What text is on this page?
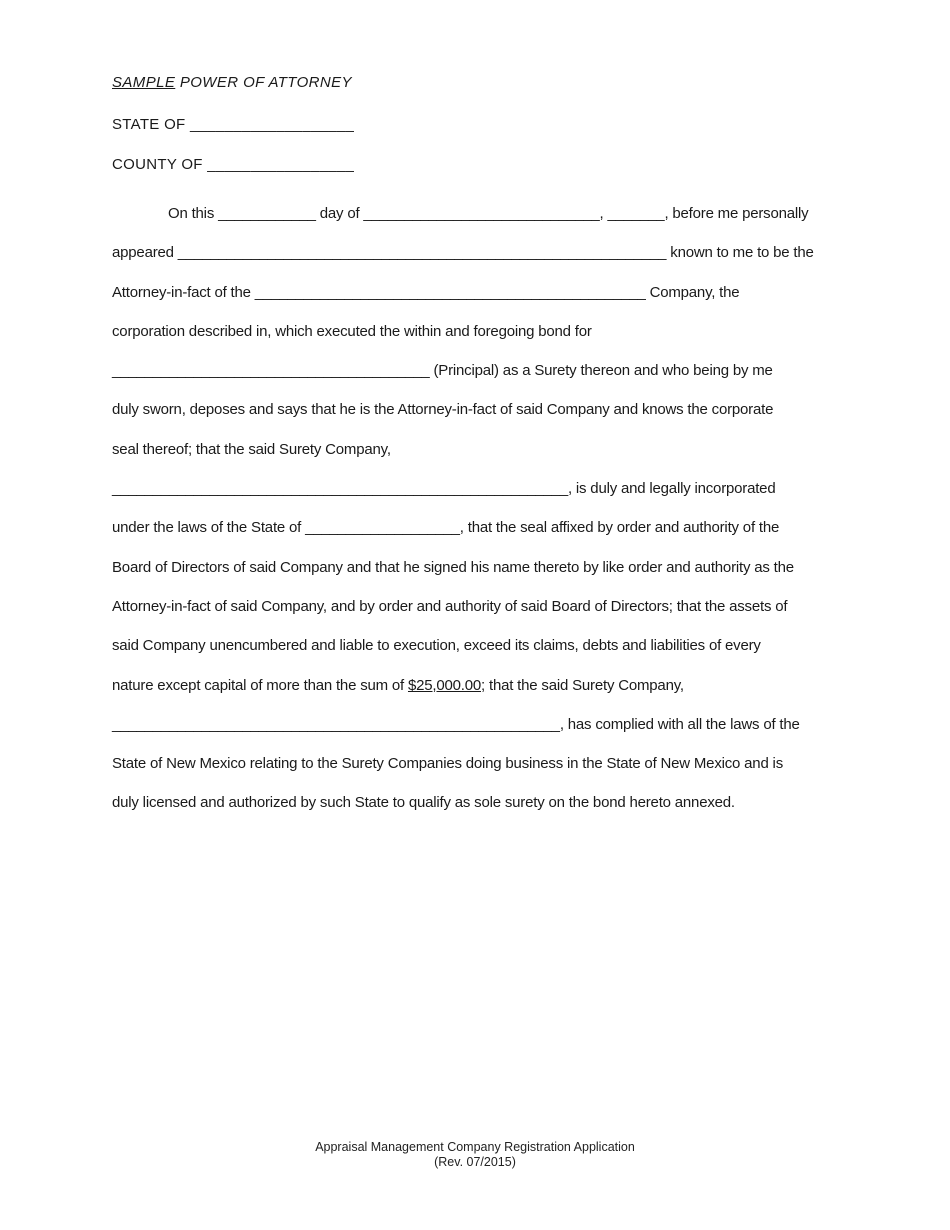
SAMPLE POWER OF ATTORNEY
STATE OF ___________________
COUNTY OF _________________
On this ____________ day of _____________________________, _______, before me personally
appeared ____________________________________________________________ known to me to be the
Attorney-in-fact of the ________________________________________________ Company, the
corporation described in, which executed the within and foregoing bond for
_______________________________________ (Principal) as a Surety thereon and who being by me
duly sworn, deposes and says that he is the Attorney-in-fact of said Company and knows the corporate
seal thereof; that the said Surety Company,
________________________________________________________, is duly and legally incorporated
under the laws of the State of ___________________, that the seal affixed by order and authority of the
Board of Directors of said Company and that he signed his name thereto by like order and authority as the
Attorney-in-fact of said Company, and by order and authority of said Board of Directors; that the assets of
said Company unencumbered and liable to execution, exceed its claims, debts and liabilities of every
nature except capital of more than the sum of $25,000.00; that the said Surety Company,
_______________________________________________________, has complied with all the laws of the
State of New Mexico relating to the Surety Companies doing business in the State of New Mexico and is
duly licensed and authorized by such State to qualify as sole surety on the bond hereto annexed.
Appraisal Management Company Registration Application
(Rev. 07/2015)
